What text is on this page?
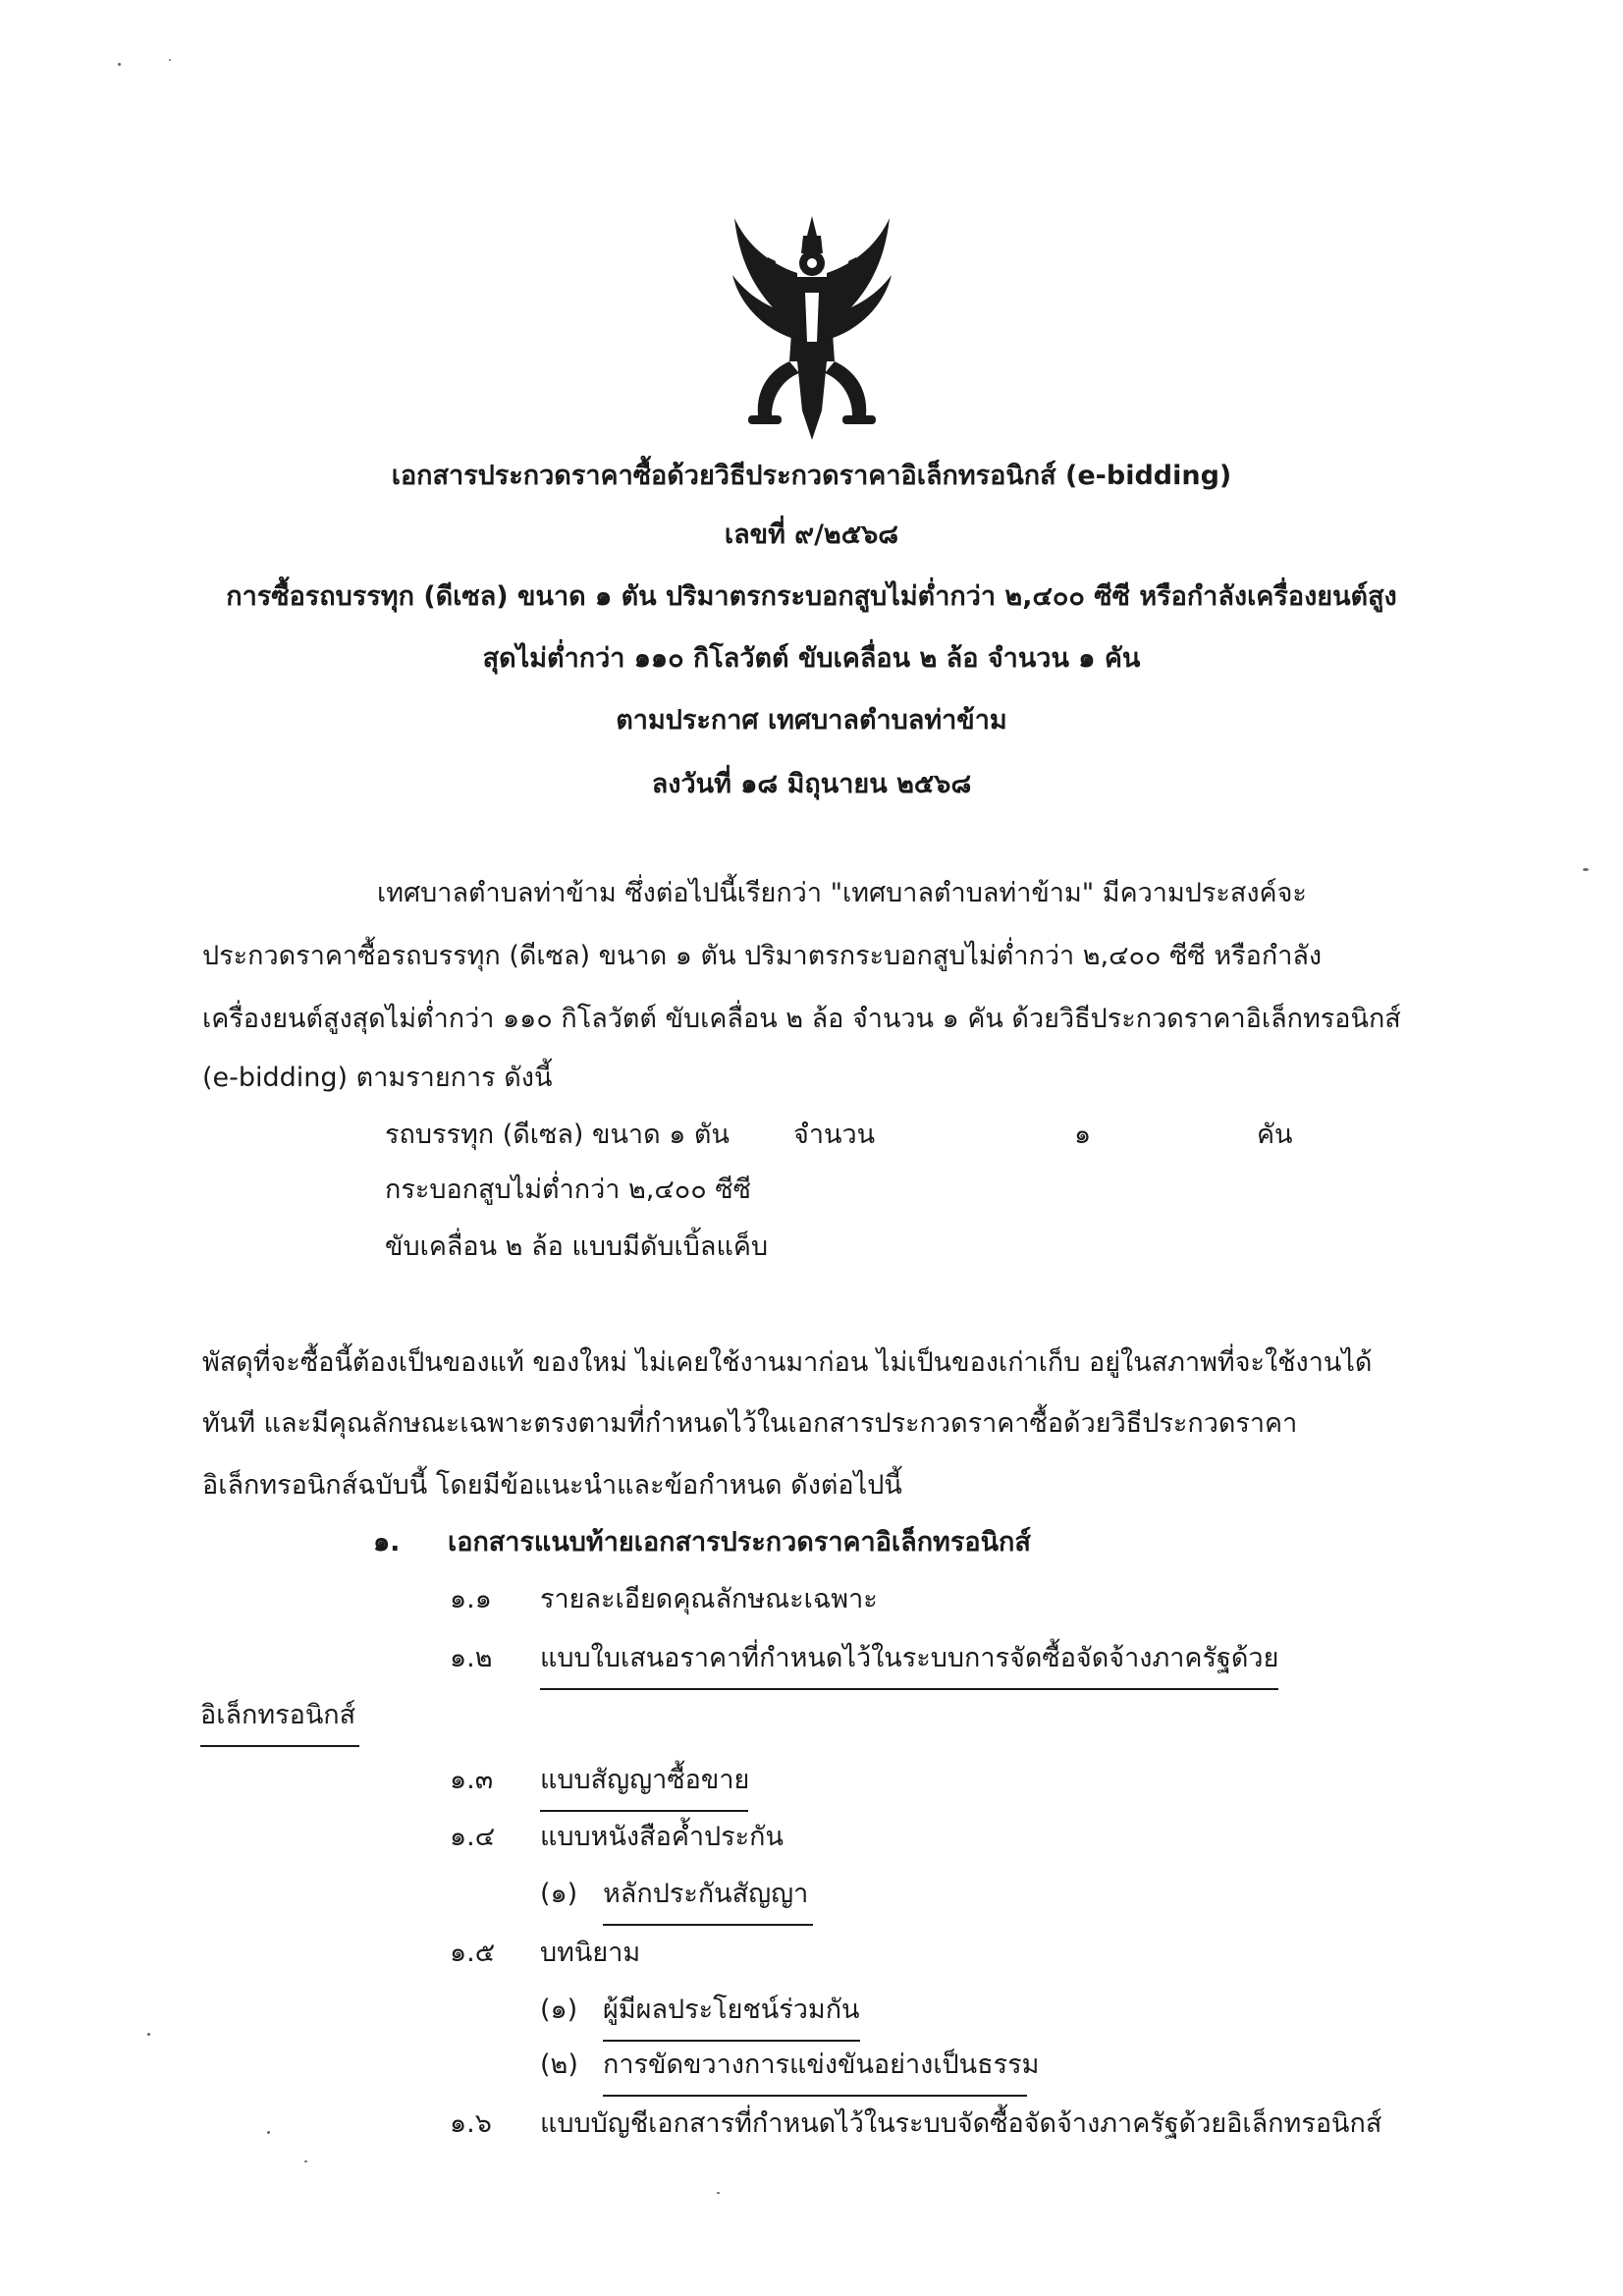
เอกสารประกวดราคาซื้อด้วยวิธีประกวดราคาอิเล็กทรอนิกส์ (e-bidding)
เลขที่ ๙/๒๕๖๘
การซื้อรถบรรทุก (ดีเซล) ขนาด ๑ ตัน ปริมาตรกระบอกสูบไม่ต่ำกว่า ๒,๔๐๐ ซีซี หรือกำลังเครื่องยนต์สูง
สุดไม่ต่ำกว่า ๑๑๐ กิโลวัตต์ ขับเคลื่อน ๒ ล้อ จำนวน ๑ คัน
ตามประกาศ เทศบาลตำบลท่าข้าม
ลงวันที่ ๑๘ มิถุนายน ๒๕๖๘
เทศบาลตำบลท่าข้าม ซึ่งต่อไปนี้เรียกว่า "เทศบาลตำบลท่าข้าม" มีความประสงค์จะ
ประกวดราคาซื้อรถบรรทุก (ดีเซล) ขนาด ๑ ตัน ปริมาตรกระบอกสูบไม่ต่ำกว่า ๒,๔๐๐ ซีซี หรือกำลัง
เครื่องยนต์สูงสุดไม่ต่ำกว่า ๑๑๐ กิโลวัตต์ ขับเคลื่อน ๒ ล้อ จำนวน ๑ คัน ด้วยวิธีประกวดราคาอิเล็กทรอนิกส์
(e-bidding) ตามรายการ ดังนี้
รถบรรทุก (ดีเซล) ขนาด ๑ ตัน จำนวน	๑	คัน
กระบอกสูบไม่ต่ำกว่า ๒,๔๐๐ ซีซี
ขับเคลื่อน ๒ ล้อ แบบมีดับเบิ้ลแค็บ
พัสดุที่จะซื้อนี้ต้องเป็นของแท้ ของใหม่ ไม่เคยใช้งานมาก่อน ไม่เป็นของเก่าเก็บ อยู่ในสภาพที่จะใช้งานได้
ทันที และมีคุณลักษณะเฉพาะตรงตามที่กำหนดไว้ในเอกสารประกวดราคาซื้อด้วยวิธีประกวดราคา
อิเล็กทรอนิกส์ฉบับนี้ โดยมีข้อแนะนำและข้อกำหนด ดังต่อไปนี้
๑. เอกสารแนบท้ายเอกสารประกวดราคาอิเล็กทรอนิกส์
๑.๑ รายละเอียดคุณลักษณะเฉพาะ
๑.๒ แบบใบเสนอราคาที่กำหนดไว้ในระบบการจัดซื้อจัดจ้างภาครัฐด้วย
อิเล็กทรอนิกส์
๑.๓ แบบสัญญาซื้อขาย
๑.๔ แบบหนังสือค้ำประกัน
(๑) หลักประกันสัญญา
๑.๕ บทนิยาม
(๑) ผู้มีผลประโยชน์ร่วมกัน
(๒) การขัดขวางการแข่งขันอย่างเป็นธรรม
๑.๖ แบบบัญชีเอกสารที่กำหนดไว้ในระบบจัดซื้อจัดจ้างภาครัฐด้วยอิเล็กทรอนิกส์
